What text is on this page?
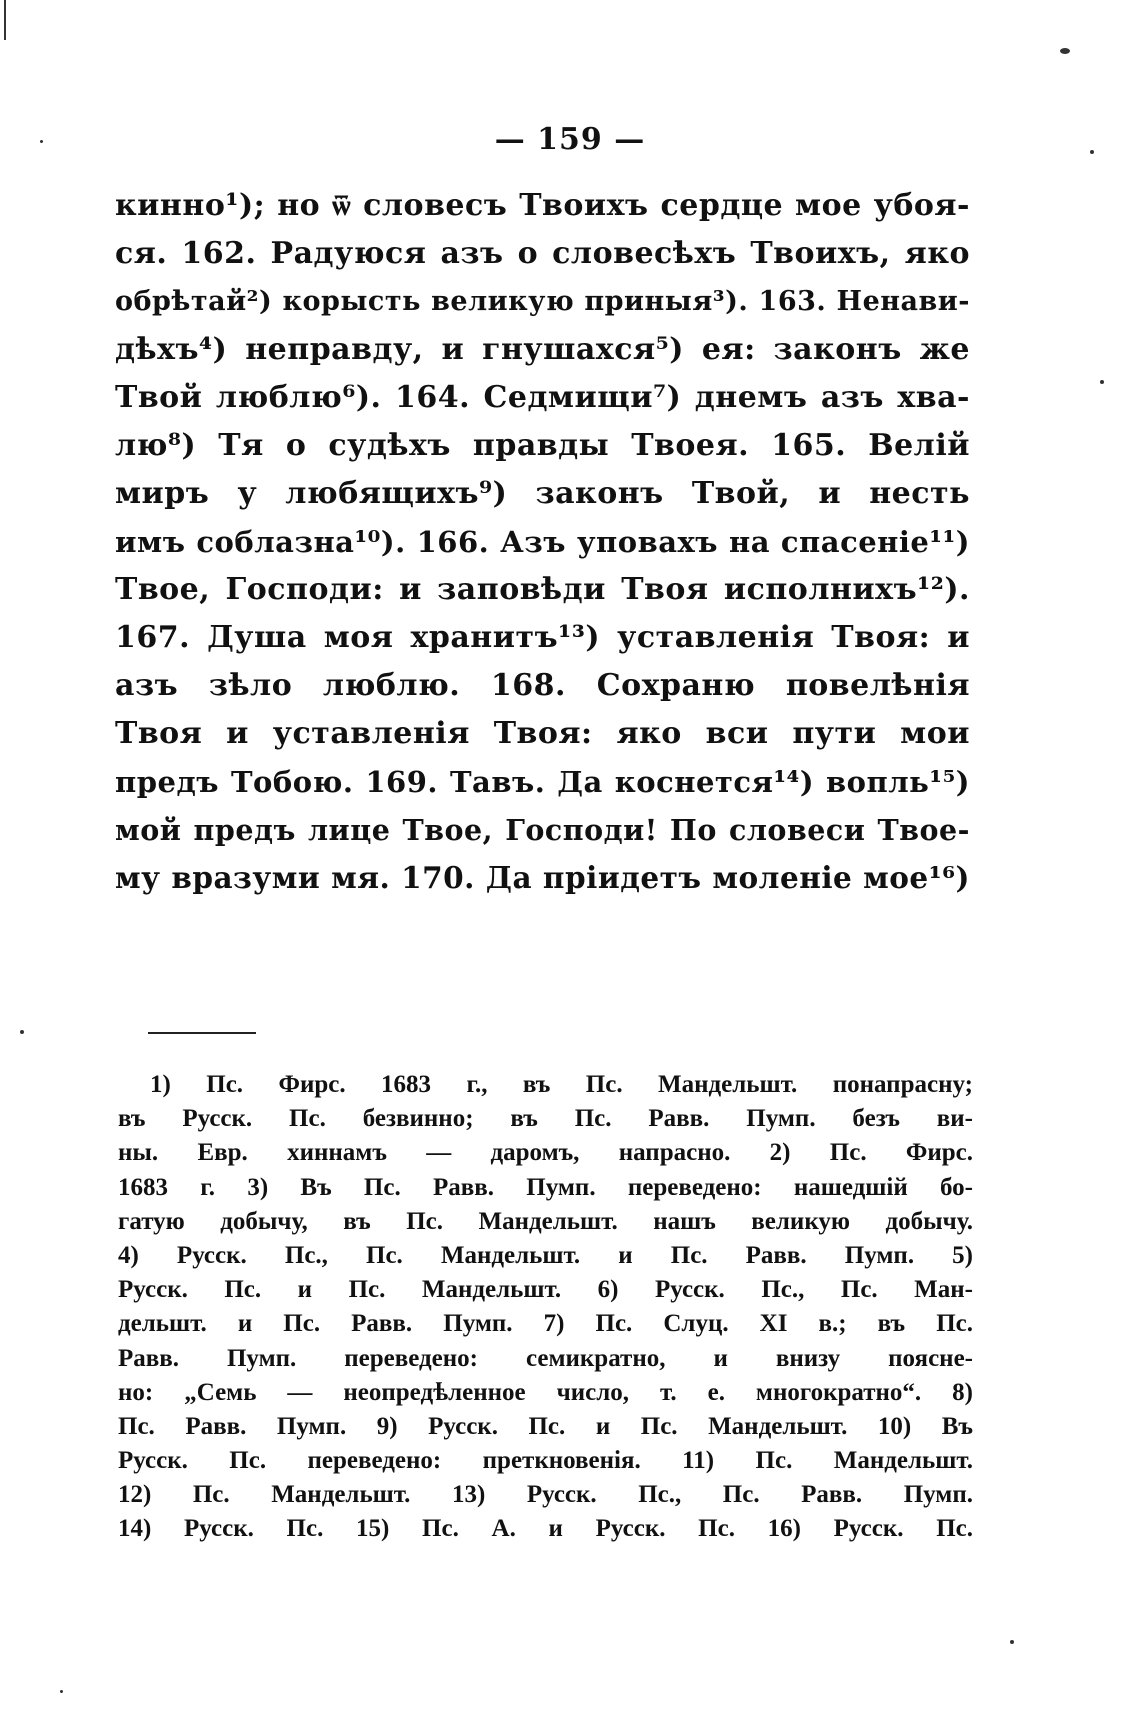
— 159 —
кинно¹); но ѿ словесъ Твоихъ сердце мое убоя-
ся. 162. Радуюся азъ о словесѣхъ Твоихъ, яко
обрѣтай²) корысть великую приныя³). 163. Ненави-
дѣхъ⁴) неправду, и гнушахся⁵) ея: законъ же
Твой люблю⁶). 164. Седмищи⁷) днемъ азъ хва-
лю⁸) Тя о судѣхъ правды Твоея. 165. Велій
миръ у любящихъ⁹) законъ Твой, и несть
имъ соблазна¹⁰). 166. Азъ уповахъ на спасеніе¹¹)
Твое, Господи: и заповѣди Твоя исполнихъ¹²).
167. Душа моя хранитъ¹³) уставленія Твоя: и
азъ зѣло люблю. 168. Сохраню повелѣнія
Твоя и уставленія Твоя: яко вси пути мои
предъ Тобою. 169. Тавъ. Да коснется¹⁴) вопль¹⁵)
мой предъ лице Твое, Господи! По словеси Твое-
му вразуми мя. 170. Да пріидетъ моленіе мое¹⁶)
1) Пс. Фирс. 1683 г., въ Пс. Мандельшт. понапрасну;
въ Русск. Пс. безвинно; въ Пс. Равв. Пумп. безъ ви-
ны. Евр. хиннамъ — даромъ, напрасно. 2) Пс. Фирс.
1683 г. 3) Въ Пс. Равв. Пумп. переведено: нашедшій бо-
гатую добычу, въ Пс. Мандельшт. нашъ великую добычу.
4) Русск. Пс., Пс. Мандельшт. и Пс. Равв. Пумп. 5)
Русск. Пс. и Пс. Мандельшт. 6) Русск. Пс., Пс. Ман-
дельшт. и Пс. Равв. Пумп. 7) Пс. Слуц. XI в.; въ Пс.
Равв. Пумп. переведено: семикратно, и внизу поясне-
но: „Семь — неопредѣленное число, т. е. многократно“. 8)
Пс. Равв. Пумп. 9) Русск. Пс. и Пс. Мандельшт. 10) Въ
Русск. Пс. переведено: преткновенія. 11) Пс. Мандельшт.
12) Пс. Мандельшт. 13) Русск. Пс., Пс. Равв. Пумп.
14) Русск. Пс. 15) Пс. А. и Русск. Пс. 16) Русск. Пс.
